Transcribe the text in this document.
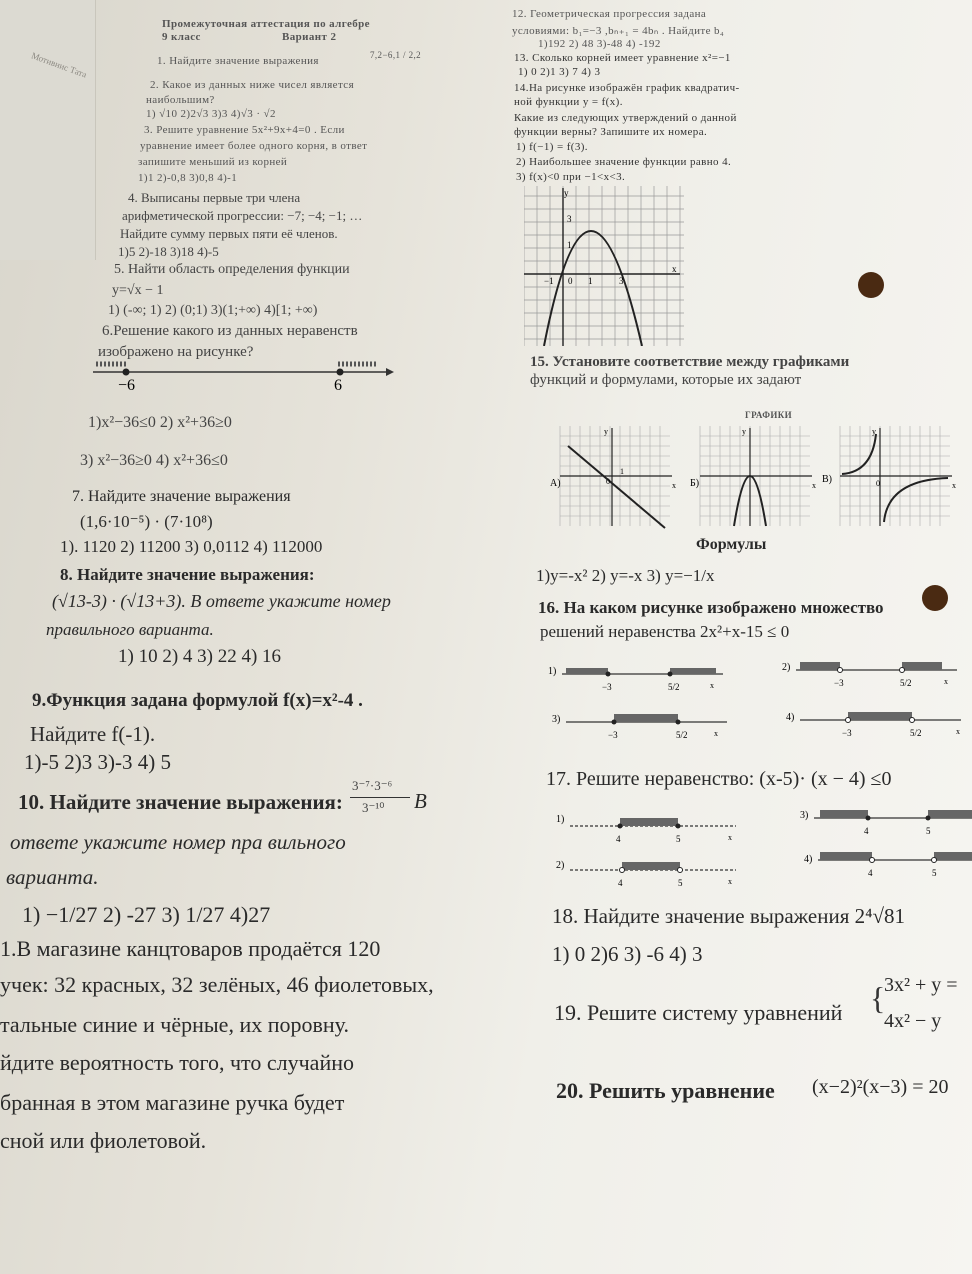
Мотивиис Тата
Промежуточная аттестация по алгебре
9 класс	Вариант 2
1. Найдите значение выражения	7,2−6,1 / 2,2
2. Какое из данных ниже чисел является
наибольшим?
1) √10 2)2√3 3)3 4)√3 · √2
3. Решите уравнение 5x²+9x+4=0 . Если
уравнение имеет более одного корня, в ответ
запишите меньший из корней
1)1 2)-0,8 3)0,8 4)-1
4. Выписаны первые три члена
арифметической прогрессии: −7; −4; −1; …
Найдите сумму первых пяти её членов.
1)5 2)-18 3)18 4)-5
5. Найти область определения функции
y=√x − 1
1) (-∞; 1) 2) (0;1) 3)(1;+∞) 4)[1; +∞)
6.Решение какого из данных неравенств
изображено на рисунке?
−6	6
1)x²−36≤0 2) x²+36≥0
3) x²−36≥0 4) x²+36≤0
7. Найдите значение выражения
(1,6·10⁻⁵) · (7·10⁸)
1). 1120 2) 11200 3) 0,0112 4) 112000
8. Найдите значение выражения:
(√13-3) · (√13+3). В ответе укажите номер
правильного варианта.
1) 10 2) 4 3) 22 4) 16
9.Функция задана формулой f(x)=x²-4 .
Найдите f(-1).
1)-5 2)3 3)-3 4) 5
10. Найдите значение выражения:
3⁻⁷·3⁻⁶
3⁻¹⁰ В
ответе укажите номер пра вильного
варианта.
1) −1/27 2) -27 3) 1/27 4)27
1.В магазине канцтоваров продаётся 120
учек: 32 красных, 32 зелёных, 46 фиолетовых,
тальные синие и чёрные, их поровну.
йдите вероятность того, что случайно
бранная в этом магазине ручка будет
сной или фиолетовой.
12. Геометрическая прогрессия задана
условиями: b₁=−3 ,bₙ₊₁ = 4bₙ . Найдите b₄
1)192 2) 48 3)-48 4) -192
13. Сколько корней имеет уравнение x²=−1
1) 0 2)1 3) 7 4) 3
14.На рисунке изображён график квадратич-
ной функции y = f(x).
Какие из следующих утверждений о данной
функции верны? Запишите их номера.
1) f(−1) = f(3).
2) Наибольшее значение функции равно 4.
3) f(x)<0 при −1<x<3.
y
x
3
1
0 1
−1	3
15. Установите соответствие между графиками
функций и формулами, которые их задают
ГРАФИКИ
А)	x
y
1
0	Б)	x
y
В)
x
y
0
Формулы
1)y=-x² 2) y=-x 3) y=−1/x
16. На каком рисунке изображено множество
решений неравенства 2x²+x-15 ≤ 0
1)
−3	5/2	x
2)
−3	5/2	x
3)
−3	5/2	x
4)
−3	5/2	x
17. Решите неравенство: (x-5)· (x − 4) ≤0
1)
4	5	x
3)
4	5
2)
4	5	x
4)
4	5
18. Найдите значение выражения 2⁴√81
1) 0 2)6 3) -6 4) 3
19. Решите систему уравнений {
3x² + y =
4x² − y
20. Решить уравнение (x−2)²(x−3) = 20
